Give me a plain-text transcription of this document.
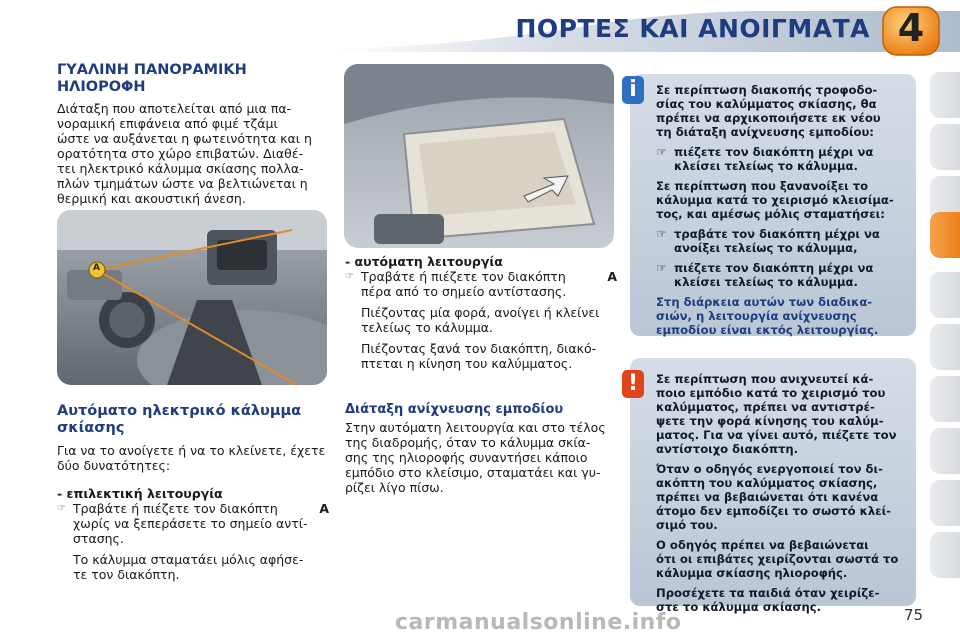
ΠΟΡΤΕΣ ΚΑΙ ΑΝΟΙΓΜΑΤΑ 4
ΓΥΑΛΙΝΗ ΠΑΝΟΡΑΜΙΚΗ ΗΛΙΟΡΟΦΗ
Διάταξη που αποτελείται από μια πα-
νοραμική επιφάνεια από φιμέ τζάμι
ώστε να αυξάνεται η φωτεινότητα και η
ορατότητα στο χώρο επιβατών. Διαθέ-
τει ηλεκτρικό κάλυμμα σκίασης πολλα-
πλών τμημάτων ώστε να βελτιώνεται η
θερμική και ακουστική άνεση.
A
Αυτόματο ηλεκτρικό κάλυμμα
σκίασης
Για να το ανοίγετε ή να το κλείνετε, έχετε
δύο δυνατότητες:
- επιλεκτική λειτουργία
☞ Τραβάτε ή πιέζετε τον διακόπτη	A
χωρίς να ξεπεράσετε το σημείο αντί-
στασης.
Το κάλυμμα σταματάει μόλις αφήσε-
τε τον διακόπτη.
- αυτόματη λειτουργία
☞ Τραβάτε ή πιέζετε τον διακόπτη	A
πέρα από το σημείο αντίστασης.
Πιέζοντας μία φορά, ανοίγει ή κλείνει
τελείως το κάλυμμα.
Πιέζοντας ξανά τον διακόπτη, διακό-
πτεται η κίνηση του καλύμματος.
Διάταξη ανίχνευσης εμποδίου
Στην αυτόματη λειτουργία και στο τέλος
της διαδρομής, όταν το κάλυμμα σκία-
σης της ηλιοροφής συναντήσει κάποιο
εμπόδιο στο κλείσιμο, σταματάει και γυ-
ρίζει λίγο πίσω.
i	Σε περίπτωση διακοπής τροφοδο-
σίας του καλύμματος σκίασης, θα
πρέπει να αρχικοποιήσετε εκ νέου
τη διάταξη ανίχνευσης εμποδίου:
☞ πιέζετε τον διακόπτη μέχρι να
κλείσει τελείως το κάλυμμα.
Σε περίπτωση που ξανανοίξει το
κάλυμμα κατά το χειρισμό κλεισίμα-
τος, και αμέσως μόλις σταματήσει:
☞ τραβάτε τον διακόπτη μέχρι να
ανοίξει τελείως το κάλυμμα,
☞ πιέζετε τον διακόπτη μέχρι να
κλείσει τελείως το κάλυμμα.
Στη διάρκεια αυτών των διαδικα-
σιών, η λειτουργία ανίχνευσης
εμποδίου είναι εκτός λειτουργίας.
!	Σε περίπτωση που ανιχνευτεί κά-
ποιο εμπόδιο κατά το χειρισμό του
καλύμματος, πρέπει να αντιστρέ-
ψετε την φορά κίνησης του καλύμ-
ματος. Για να γίνει αυτό, πιέζετε τον
αντίστοιχο διακόπτη.
Όταν ο οδηγός ενεργοποιεί τον δι-
ακόπτη του καλύμματος σκίασης,
πρέπει να βεβαιώνεται ότι κανένα
άτομο δεν εμποδίζει το σωστό κλεί-
σιμό του.
Ο οδηγός πρέπει να βεβαιώνεται
ότι οι επιβάτες χειρίζονται σωστά το
κάλυμμα σκίασης ηλιοροφής.
Προσέχετε τα παιδιά όταν χειρίζε-
στε το κάλυμμα σκίασης.
carmanualsonline.info	75
